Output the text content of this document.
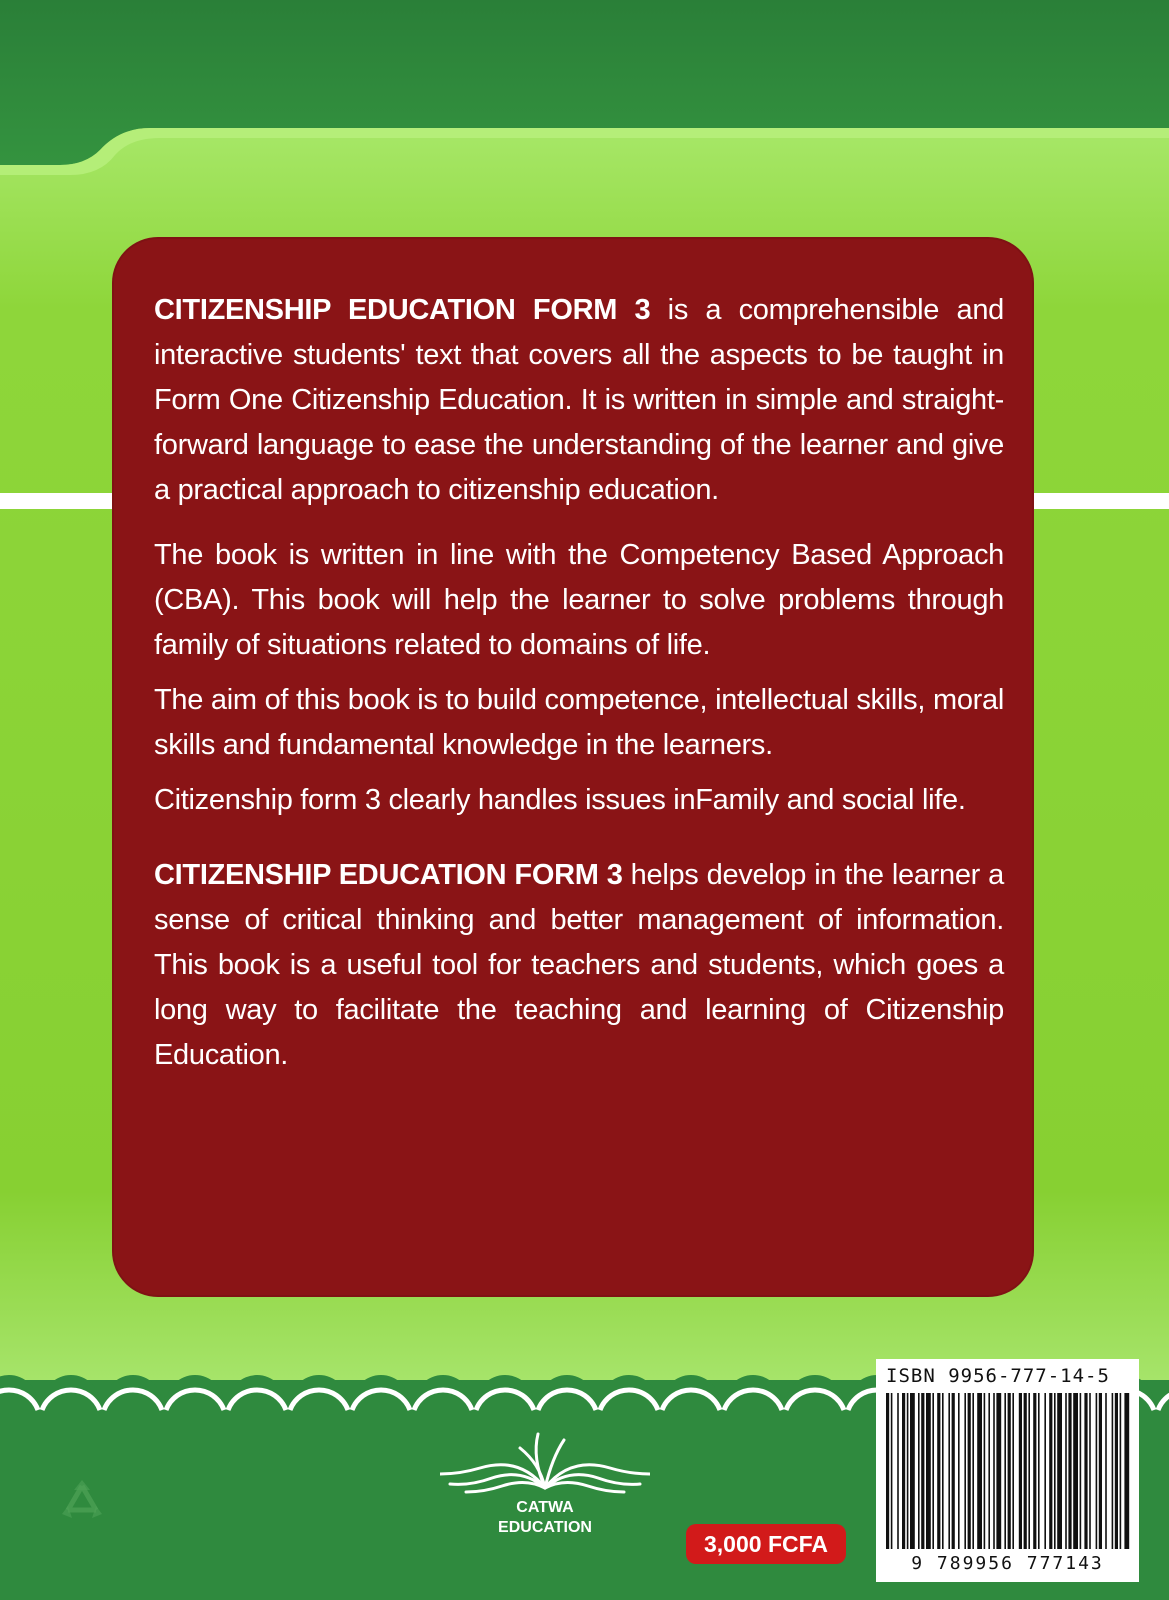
CITIZENSHIP EDUCATION FORM 3 is a comprehensible and interactive students' text that covers all the aspects to be taught in Form One Citizenship Education. It is written in simple and straight-forward language to ease the understanding of the learner and give a practical approach to citizenship education.

The book is written in line with the Competency Based Approach (CBA). This book will help the learner to solve problems through family of situations related to domains of life.

The aim of this book is to build competence, intellectual skills, moral skills and fundamental knowledge in the learners.

Citizenship form 3 clearly handles issues inFamily and social life.

CITIZENSHIP EDUCATION FORM 3 helps develop in the learner a sense of critical thinking and better management of information. This book is a useful tool for teachers and students, which goes a long way to facilitate the teaching and learning of Citizenship Education.

CATWA
EDUCATION
3,000 FCFA
ISBN 9956-777-14-5
9 789956 777143
